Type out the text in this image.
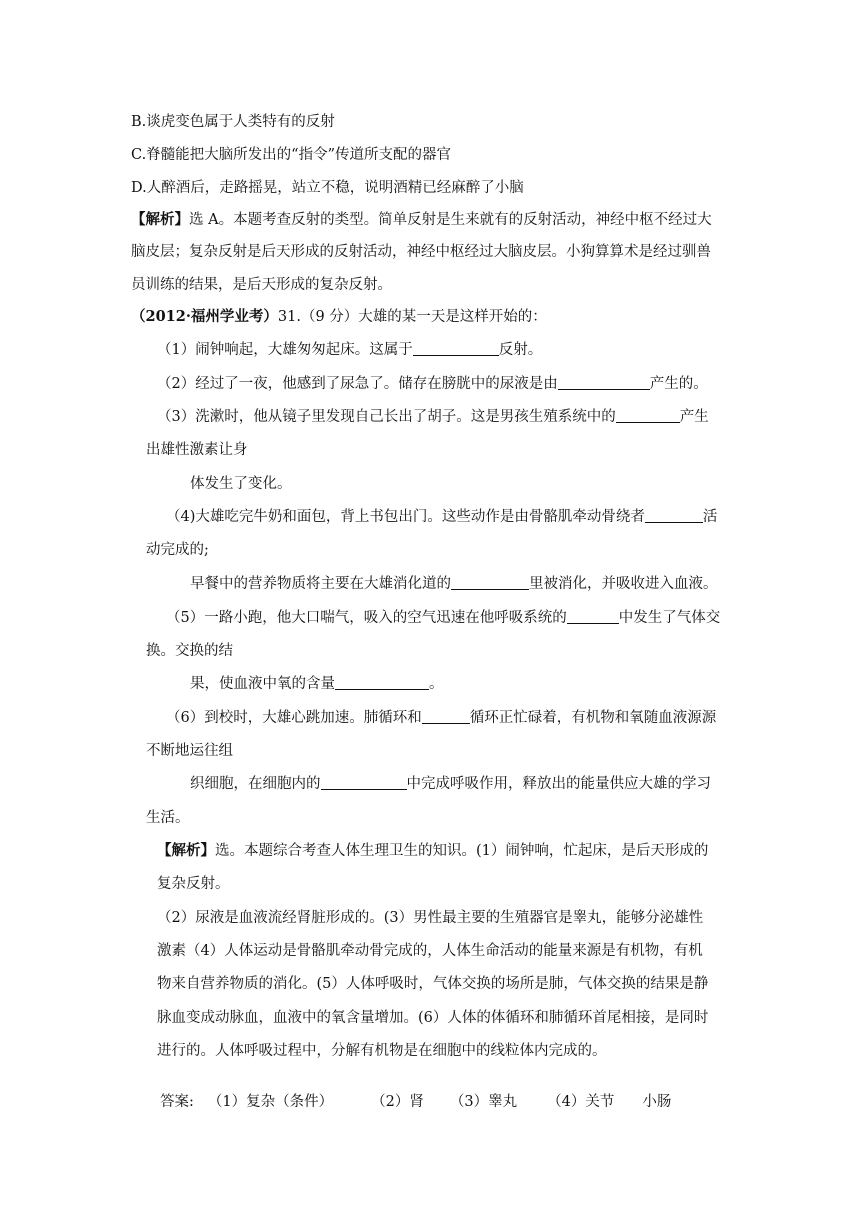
B.谈虎变色属于人类特有的反射
C.脊髓能把大脑所发出的“指令”传道所支配的器官
D.人醉酒后，走路摇晃，站立不稳，说明酒精已经麻醉了小脑
【解析】选 A。本题考查反射的类型。简单反射是生来就有的反射活动，神经中枢不经过大
脑皮层；复杂反射是后天形成的反射活动，神经中枢经过大脑皮层。小狗算算术是经过驯兽
员训练的结果，是后天形成的复杂反射。
（2012·福州学业考）31.（9 分）大雄的某一天是这样开始的：
（1）闹钟响起，大雄匆匆起床。这属于	反射。
（2）经过了一夜，他感到了尿急了。储存在膀胱中的尿液是由	产生的。
（3）洗漱时，他从镜子里发现自己长出了胡子。这是男孩生殖系统中的	产生
出雄性激素让身
体发生了变化。
（4)大雄吃完牛奶和面包，背上书包出门。这些动作是由骨骼肌牵动骨绕者	活
动完成的;
早餐中的营养物质将主要在大雄消化道的	里被消化，并吸收进入血液。
（5）一路小跑，他大口喘气，吸入的空气迅速在他呼吸系统的	中发生了气体交
换。交换的结
果，使血液中氧的含量	。
（6）到校时，大雄心跳加速。肺循环和	循环正忙碌着，有机物和氧随血液源源
不断地运往组
织细胞，在细胞内的	中完成呼吸作用，释放出的能量供应大雄的学习
生活。
【解析】选。本题综合考查人体生理卫生的知识。(1）闹钟响，忙起床，是后天形成的
复杂反射。
（2）尿液是血液流经肾脏形成的。(3）男性最主要的生殖器官是睾丸，能够分泌雄性
激素（4）人体运动是骨骼肌牵动骨完成的，人体生命活动的能量来源是有机物，有机
物来自营养物质的消化。(5）人体呼吸时，气体交换的场所是肺，气体交换的结果是静
脉血变成动脉血，血液中的氧含量增加。(6）人体的体循环和肺循环首尾相接，是同时
进行的。人体呼吸过程中，分解有机物是在细胞中的线粒体内完成的。
答案: （1）复杂（条件）	（2）肾 （3）睾丸 （4）关节 小肠
